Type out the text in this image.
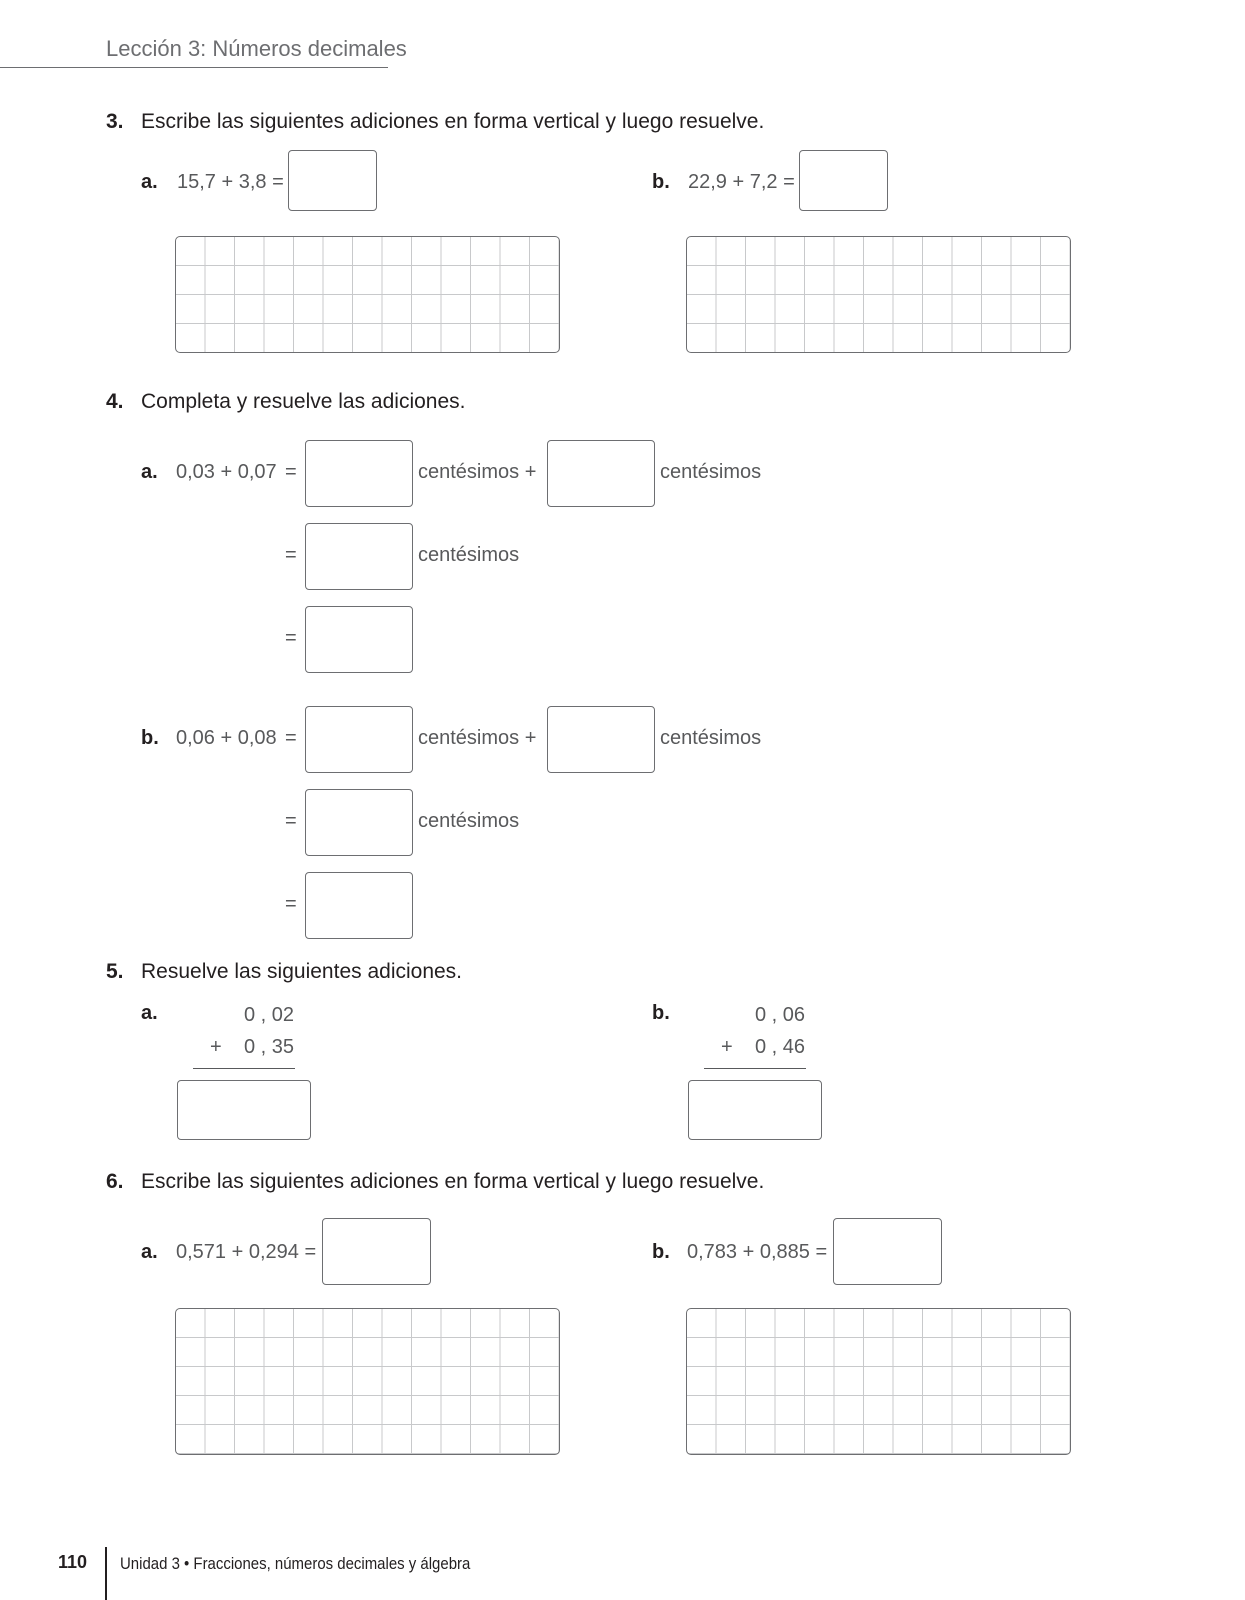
Lección 3: Números decimales
3. Escribe las siguientes adiciones en forma vertical y luego resuelve.
a. 15,7 + 3,8 =	b. 22,9 + 7,2 =
4. Completa y resuelve las adiciones.
a. 0,03 + 0,07 =	centésimos +	centésimos
=	centésimos
=
b. 0,06 + 0,08 =	centésimos +	centésimos
=	centésimos
=
5. Resuelve las siguientes adiciones.
a.	0 , 02
+	0 , 35
b.	0 , 06
+	0 , 46
6. Escribe las siguientes adiciones en forma vertical y luego resuelve.
a. 0,571 + 0,294 =	b. 0,783 + 0,885 =
110 Unidad 3 • Fracciones, números decimales y álgebra
